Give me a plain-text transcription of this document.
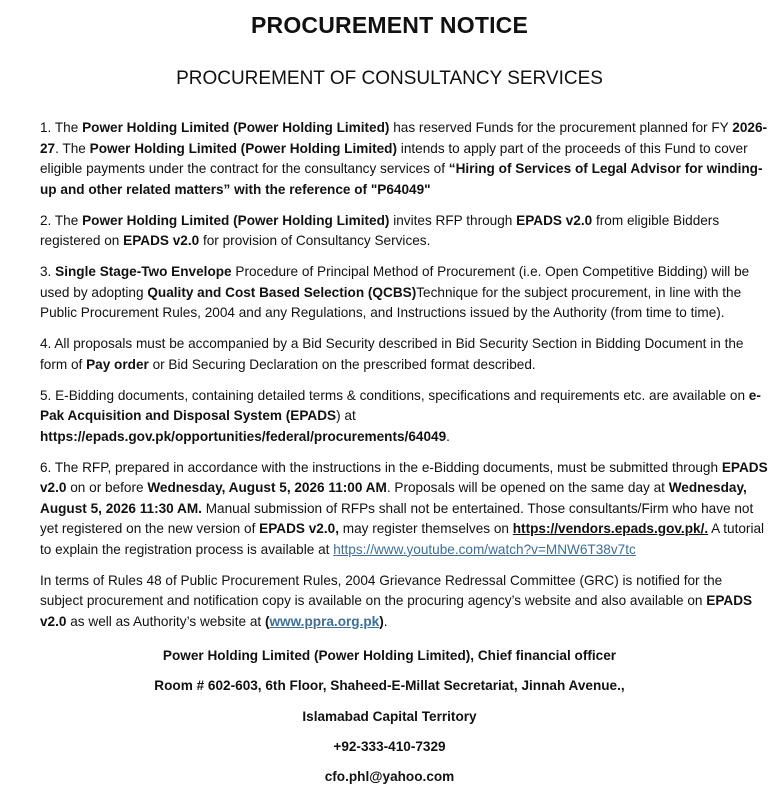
PROCUREMENT NOTICE
PROCUREMENT OF CONSULTANCY SERVICES

1. The Power Holding Limited (Power Holding Limited) has reserved Funds for the procurement planned for FY 2026-27. The Power Holding Limited (Power Holding Limited) intends to apply part of the proceeds of this Fund to cover eligible payments under the contract for the consultancy services of “Hiring of Services of Legal Advisor for winding-up and other related matters” with the reference of "P64049"

2. The Power Holding Limited (Power Holding Limited) invites RFP through EPADS v2.0 from eligible Bidders registered on EPADS v2.0 for provision of Consultancy Services.

3. Single Stage-Two Envelope Procedure of Principal Method of Procurement (i.e. Open Competitive Bidding) will be used by adopting Quality and Cost Based Selection (QCBS)Technique for the subject procurement, in line with the Public Procurement Rules, 2004 and any Regulations, and Instructions issued by the Authority (from time to time).

4. All proposals must be accompanied by a Bid Security described in Bid Security Section in Bidding Document in the form of Pay order or Bid Securing Declaration on the prescribed format described.

5. E-Bidding documents, containing detailed terms & conditions, specifications and requirements etc. are available on e-Pak Acquisition and Disposal System (EPADS) at
https://epads.gov.pk/opportunities/federal/procurements/64049.

6. The RFP, prepared in accordance with the instructions in the e-Bidding documents, must be submitted through EPADS v2.0 on or before Wednesday, August 5, 2026 11:00 AM. Proposals will be opened on the same day at Wednesday, August 5, 2026 11:30 AM. Manual submission of RFPs shall not be entertained. Those consultants/Firm who have not yet registered on the new version of EPADS v2.0, may register themselves on https://vendors.epads.gov.pk/. A tutorial to explain the registration process is available at https://www.youtube.com/watch?v=MNW6T38v7tc

In terms of Rules 48 of Public Procurement Rules, 2004 Grievance Redressal Committee (GRC) is notified for the subject procurement and notification copy is available on the procuring agency’s website and also available on EPADS v2.0 as well as Authority’s website at (www.ppra.org.pk).

Power Holding Limited (Power Holding Limited), Chief financial officer
Room # 602-603, 6th Floor, Shaheed-E-Millat Secretariat, Jinnah Avenue.,
Islamabad Capital Territory
+92-333-410-7329
cfo.phl@yahoo.com
